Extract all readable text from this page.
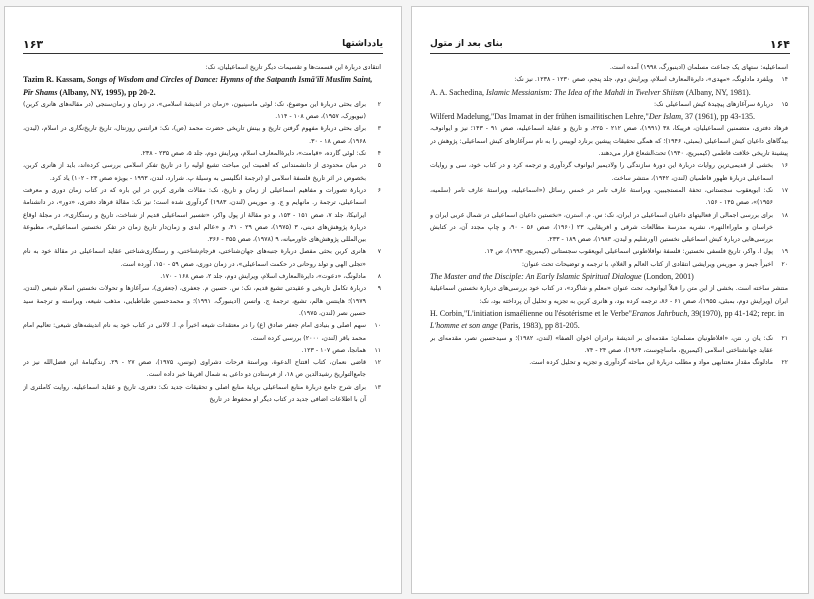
۱۶۳	یادداشتها

انتقادی دربارهٔ این قسمت‌ها و تقسیمات دیگر تاریخ اسماعیلیان، نک:

Tazim R. Kassam, Songs of Wisdom and Circles of Dance: Hymns of the Satpanth Ismā'īlī Muslim Saint, Pīr Shams (Albany, NY, 1995), pp 20-2.

۲
برای بحثی دربارهٔ این موضوع، نک: لوئی ماسینیون، «زمان در اندیشهٔ اسلامی»، در زمان و زمان‌سنجی (در مقاله‌های هانری کربن) (نیویورک، ۱۹۵۷)، صص ۱۰۸ - ۱۱۴.
۳
برای بحثی دربارهٔ مفهوم گرفتن تاریخ و بینش تاریخی حضرت محمد (ص)، نک: فرانتس روزنتال، تاریخ تاریخ‌نگاری در اسلام، (لیدن، ۱۹۶۸)، صص ۱۸ - ۳۰.
۴
نک: لوئی گارده، «قیامت»، دایرةالمعارف اسلام، ویرایش دوم، جلد ۵، صص ۲۳۵ - ۲۳۸.
۵
در میان محدودی از دانشمندانی که اهمیت این مباحث تشیع اولیه را در تاریخ تفکر اسلامی بررسی کرده‌اند، باید از هانری کربن، بخصوص در اثر تاریخ فلسفهٔ اسلامی او (ترجمهٔ انگلیسی به وسیلهٔ پ. شرارد، لندن، ۱۹۹۳ - بویژه صص ۲۳ - ۱۰۲) یاد کرد.
۶
دربارهٔ تصورات و مفاهیم اسماعیلی از زمان و تاریخ، نک: مقالات هانری کربن در این باره که در کتاب زمان دوری و معرفت اسماعیلی، ترجمهٔ ر. مانهایم و ج. و. موریس (لندن، ۱۹۸۳) گردآوری شده است؛ نیز نک: مقالهٔ فرهاد دفتری، «دور»، در دانشنامهٔ ایرانیکا، جلد ۷، صص ۱۵۱ - ۱۵۳، و دو مقالهٔ از پول واکر، «تفسیر اسماعیلی قدیم از شناخت، تاریخ و رستگاری»، در مجلهٔ اوقاع دربارهٔ پژوهش‌های دینی، ۳ (۱۹۷۵)، صص ۲۹ - ۴۱، و «عالم ابدی و زمان‌دار تاریخ زمان در تفکر نخستین اسماعیلی»، مطبوعهٔ بین‌المللی پژوهش‌های خاورمیانه، ۹ (۱۹۷۸)، صص ۳۵۵ - ۳۶۶.
۷
هانری کربن بحثی مفصل دربارهٔ جنبه‌های جهان‌شناختی، فرجام‌شناختی، و رستگاری‌شناختی عقاید اسماعیلی در مقالهٔ خود به نام «تجلی الهی و تولد روحانی در حکمت اسماعیلی»، در زمان دوری، صص ۵۹ - ۱۵۰، آورده است.
۸
مادلونگ، «دعوت»، دایرةالمعارف اسلام، ویرایش دوم، جلد ۲، صص ۱۶۸ - ۱۷۰.
۹
دربارهٔ تکامل تاریخی و عقیدتی تشیع قدیم، نک: س. حسین م. جعفری، (جعفری)، سرآغازها و تحولات نخستین اسلام شیعی (لندن، ۱۹۷۹)؛ هاینتس هالم، تشیع، ترجمهٔ ج. واتسن (ادینبورگ، ۱۹۹۱)؛ و محمدحسین طباطبایی، مذهب شیعه، ویراسته و ترجمهٔ سید حسین نصر (لندن، ۱۹۷۵).
۱۰
سهم اصلی و بنیادی امام جعفر صادق (ع) را در معتقدات شیعه اخیراً م. ا. لالانی در کتاب خود به نام اندیشه‌های شیعی: تعالیم امام محمد باقر (لندن، ۲۰۰۰) بررسی کرده است.
۱۱
همانجا، صص ۱۰۷ - ۱۲۳.
۱۲
قاضی نعمان، کتاب افتتاح الدعوة، ویراستهٔ فرحات دشراوی (تونس، ۱۹۷۵)، صص ۲۷ - ۲۹. زندگینامهٔ این فضل‌الله نیز در جامع‌التواریخ رشیدالدین ص ۱۸، از فرستادن دو داعی به شمال افریقا خبر داده است.
۱۳
برای شرح جامع دربارهٔ منابع اسماعیلی برپایهٔ منابع اصلی و تحقیقات جدید نک: دفتری، تاریخ و عقاید اسماعیلیه. روایت کاملتری از آن با اطلاعات اضافی جدید در کتاب دیگر او محفوظ در تاریخ
بنای بعد از متول	۱۶۴

اسماعیلیه: ستهای یک جماعت مسلمان (ادینبورگ، ۱۹۹۸) آمده است.

۱۴
ویلفرد مادلونگ، «مهدی»، دایرةالمعارف اسلام، ویرایش دوم، جلد پنجم، صص ۱۲۳۰ - ۱۲۳۸. نیز نک:

A. A. Sachedina, Islamic Messianism: The Idea of the Mahdi in Twelver Shiism (Albany, NY, 1981).

۱۵
دربارهٔ سرآغازهای پیچیدهٔ کیش اسماعیلی نک:

Wilferd Madelung,"Das Imamat in der frühen ismailitischen Lehre,"Der Islam, 37 (1961), pp 43-135.

فرهاد دفتری، متضمنین اسماعیلیان، فریبکا، ۳۸ (۱۹۹۱)، صص ۲۱۲ - ۲۲۵، و تاریخ و عقاید اسماعیلیه، صص ۹۱ - ۱۴۳؛ نیز و ایوانوف، بیدگاهای داعیان کیش اسماعیلی (بمبئی، ۱۹۴۶)؛ که همگی تحقیقات پیشین برنارد لوییس را به نام سرآغازهای کیش اسماعیلی: پژوهش در پیشینهٔ تاریخی خلافت فاطمی (کیمبریج، ۱۹۴۰) تحت‌الشعاع قرار می‌دهند.

۱۶
بخشی از قدیمی‌ترین روایات دربارهٔ این دورهٔ سازندگی را ولادیمیر ایوانوف گردآوری و ترجمه کرد و در کتاب خود، سی و روایات اسماعیلی دربارهٔ ظهور فاطمیان (لندن، ۱۹۴۲)، منتشر ساخت.
۱۷
نک: ابویعقوب سجستانی، تحفهٔ المستجیبین، ویراستهٔ عارف تامر در خمس رسائل («اسماعیلیه، ویراستهٔ عارف تامر (سلمیه، ۱۹۵۶)»، صص ۱۴۵ - ۱۵۶.
۱۸
برای بررسی اجمالی از فعالیتهای داعیان اسماعیلی در ایران، نک: س. م. استرن، «نخستین داعیان اسماعیلی در شمال غربی ایران و خراسان و ماوراءالنهر»، نشریه مدرسهٔ مطالعات شرقی و افریقایی، ۲۳ (۱۹۶۰)، صص ۵۶ - ۹۰، و چاپ مجدد آن، در کتابش بررسی‌هایی دربارهٔ کیش اسماعیلی نخستین (اورشلیم و لیدن، ۱۹۸۳)، صص ۱۸۹ - ۲۳۳.
۱۹
پول ا. واکر، تاریخ فلسفی نخستین: فلسفهٔ نوافلاطونی اسماعیلی ابویعقوب سجستانی (کیمبریج، ۱۹۹۳)، ص ۱۴.
۲۰
اخیراً جیمز و. موریس ویرایشی انتقادی از کتاب العالم و الغلام، با ترجمه و توضیحات تحت عنوان:

The Master and the Disciple: An Early Islamic Spiritual Dialogue (London, 2001)

منتشر ساخته است. بخشی از این متن را قبلاً ایوانوف، تحت عنوان «معلم و شاگرد»، در کتاب خود بررسی‌های دربارهٔ نخستین اسماعیلیهٔ ایران (ویرایش دوم، بمبئی، ۱۹۵۵)، صص ۶۱ - ۸۶، ترجمه کرده بود، و هانری کربن به تجزیه و تحلیل آن پرداخته بود، نک:

H. Corbin,"L'initiation ismaélienne ou l'ésotérisme et le Verbe"Eranos Jahrbuch, 39(1970), pp 41-142; repr. in L'homme et son ange (Paris, 1983), pp 81-205.

۲۱
نک: یان ر. نتن، «افلاطونیان مسلمان: مقدمه‌ای بر اندیشهٔ برادران اخوان الصفا» (لندن، ۱۹۸۲)؛ و سیدحسین نصر، مقدمه‌ای بر عقاید جهانشناختی اسلامی (کیمبریج، ماساچوست، ۱۹۶۴)، صص ۲۴ - ۷۴.
۲۲
مادلونگ مقدار معتنابهی مواد و مطلب دربارهٔ این مباحثه گردآوری و تجزیه و تحلیل کرده است.
